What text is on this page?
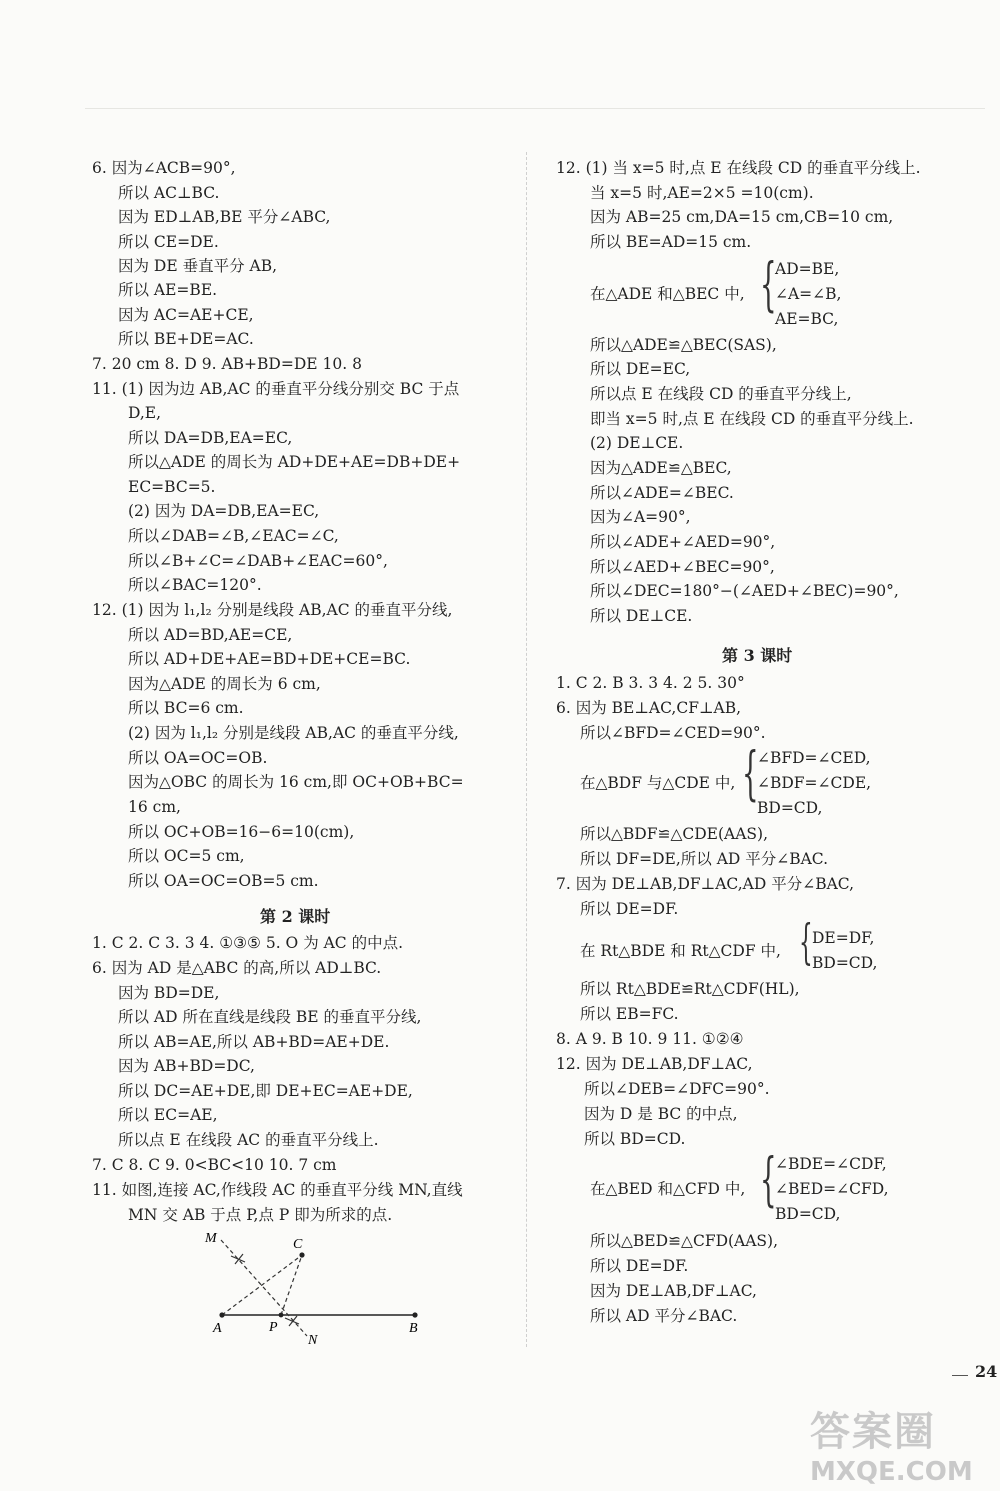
6. 因为∠ACB=90°,
所以 AC⊥BC.
因为 ED⊥AB,BE 平分∠ABC,
所以 CE=DE.
因为 DE 垂直平分 AB,
所以 AE=BE.
因为 AC=AE+CE,
所以 BE+DE=AC.
7. 20 cm 8. D 9. AB+BD=DE 10. 8
11. (1) 因为边 AB,AC 的垂直平分线分别交 BC 于点
D,E,
所以 DA=DB,EA=EC,
所以△ADE 的周长为 AD+DE+AE=DB+DE+
EC=BC=5.
(2) 因为 DA=DB,EA=EC,
所以∠DAB=∠B,∠EAC=∠C,
所以∠B+∠C=∠DAB+∠EAC=60°,
所以∠BAC=120°.
12. (1) 因为 l₁,l₂ 分别是线段 AB,AC 的垂直平分线,
所以 AD=BD,AE=CE,
所以 AD+DE+AE=BD+DE+CE=BC.
因为△ADE 的周长为 6 cm,
所以 BC=6 cm.
(2) 因为 l₁,l₂ 分别是线段 AB,AC 的垂直平分线,
所以 OA=OC=OB.
因为△OBC 的周长为 16 cm,即 OC+OB+BC=
16 cm,
所以 OC+OB=16−6=10(cm),
所以 OC=5 cm,
所以 OA=OC=OB=5 cm.
第 2 课时
1. C 2. C 3. 3 4. ①③⑤ 5. O 为 AC 的中点.
6. 因为 AD 是△ABC 的高,所以 AD⊥BC.
因为 BD=DE,
所以 AD 所在直线是线段 BE 的垂直平分线,
所以 AB=AE,所以 AB+BD=AE+DE.
因为 AB+BD=DC,
所以 DC=AE+DE,即 DE+EC=AE+DE,
所以 EC=AE,
所以点 E 在线段 AC 的垂直平分线上.
7. C 8. C 9. 0<BC<10 10. 7 cm
11. 如图,连接 AC,作线段 AC 的垂直平分线 MN,直线
MN 交 AB 于点 P,点 P 即为所求的点.
M	C
A	P
N
B
12. (1) 当 x=5 时,点 E 在线段 CD 的垂直平分线上.
当 x=5 时,AE=2×5 =10(cm).
因为 AB=25 cm,DA=15 cm,CB=10 cm,
所以 BE=AD=15 cm.
在△ADE 和△BEC 中, {
AD=BE,
∠A=∠B,
AE=BC,
所以△ADE≌△BEC(SAS),
所以 DE=EC,
所以点 E 在线段 CD 的垂直平分线上,
即当 x=5 时,点 E 在线段 CD 的垂直平分线上.
(2) DE⊥CE.
因为△ADE≌△BEC,
所以∠ADE=∠BEC.
因为∠A=90°,
所以∠ADE+∠AED=90°,
所以∠AED+∠BEC=90°,
所以∠DEC=180°−(∠AED+∠BEC)=90°,
所以 DE⊥CE.
第 3 课时
1. C 2. B 3. 3 4. 2 5. 30°
6. 因为 BE⊥AC,CF⊥AB,
所以∠BFD=∠CED=90°.
在△BDF 与△CDE 中, {
∠BFD=∠CED,
∠BDF=∠CDE,
BD=CD,
所以△BDF≌△CDE(AAS),
所以 DF=DE,所以 AD 平分∠BAC.
7. 因为 DE⊥AB,DF⊥AC,AD 平分∠BAC,
所以 DE=DF.
在 Rt△BDE 和 Rt△CDF 中, { DE=DF,
BD=CD,
所以 Rt△BDE≌Rt△CDF(HL),
所以 EB=FC.
8. A 9. B 10. 9 11. ①②④
12. 因为 DE⊥AB,DF⊥AC,
所以∠DEB=∠DFC=90°.
因为 D 是 BC 的中点,
所以 BD=CD.
在△BED 和△CFD 中, {
∠BDE=∠CDF,
∠BED=∠CFD,
BD=CD,
所以△BED≌△CFD(AAS),
所以 DE=DF.
因为 DE⊥AB,DF⊥AC,
所以 AD 平分∠BAC.
24
答案圈
MXQE.COM
